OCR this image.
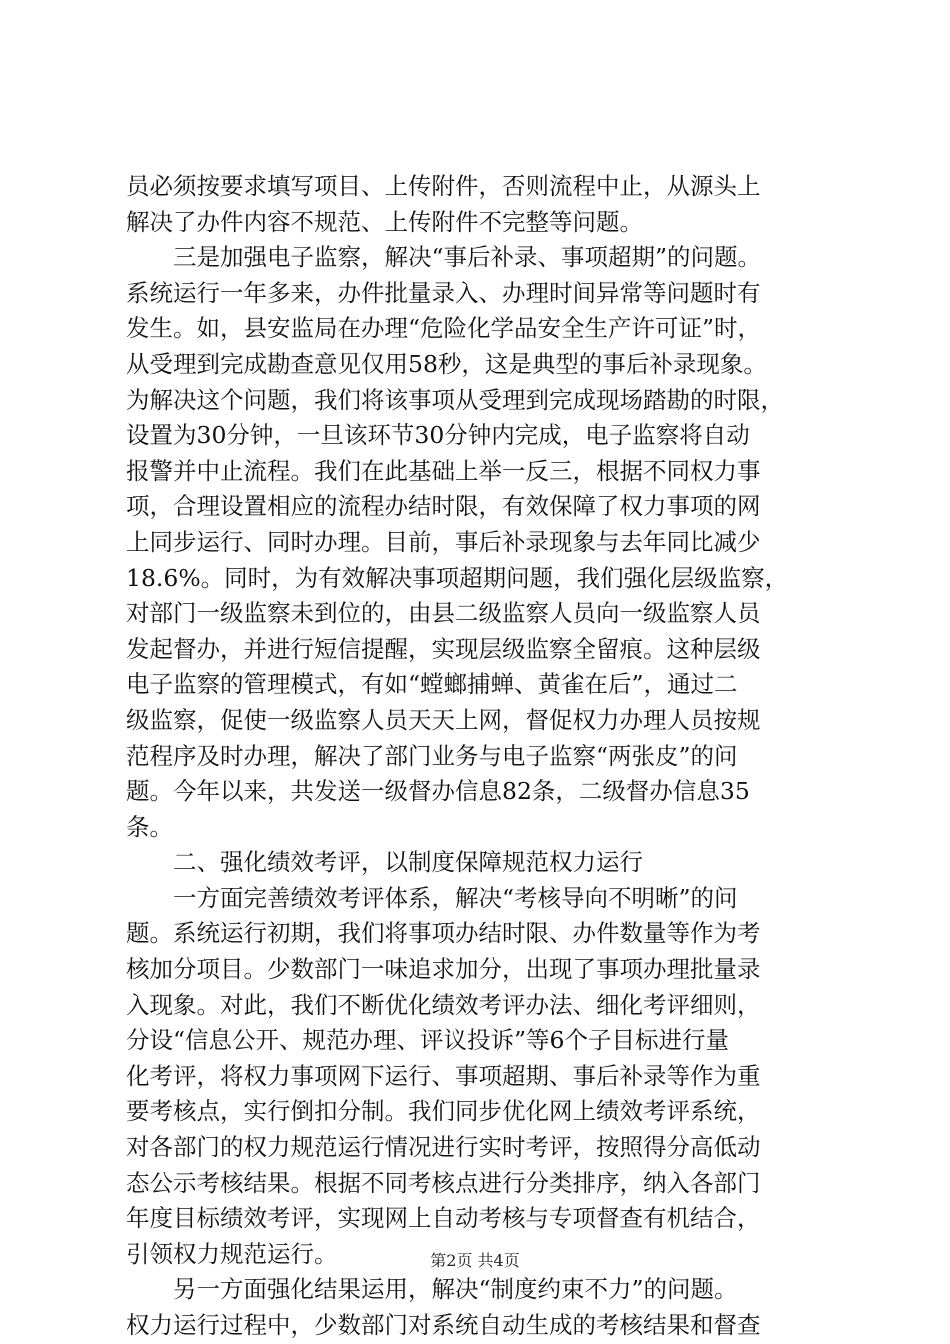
员必须按要求填写项目、上传附件，否则流程中止，从源头上
解决了办件内容不规范、上传附件不完整等问题。
　　三是加强电子监察，解决“事后补录、事项超期”的问题。
系统运行一年多来，办件批量录入、办理时间异常等问题时有
发生。如，县安监局在办理“危险化学品安全生产许可证”时，
从受理到完成勘查意见仅用58秒，这是典型的事后补录现象。
为解决这个问题，我们将该事项从受理到完成现场踏勘的时限，
设置为30分钟，一旦该环节30分钟内完成，电子监察将自动
报警并中止流程。我们在此基础上举一反三，根据不同权力事
项，合理设置相应的流程办结时限，有效保障了权力事项的网
上同步运行、同时办理。目前，事后补录现象与去年同比减少
18.6%。同时，为有效解决事项超期问题，我们强化层级监察，
对部门一级监察未到位的，由县二级监察人员向一级监察人员
发起督办，并进行短信提醒，实现层级监察全留痕。这种层级
电子监察的管理模式，有如“螳螂捕蝉、黄雀在后”，通过二
级监察，促使一级监察人员天天上网，督促权力办理人员按规
范程序及时办理，解决了部门业务与电子监察“两张皮”的问
题。今年以来，共发送一级督办信息82条，二级督办信息35
条。
　　二、强化绩效考评，以制度保障规范权力运行
　　一方面完善绩效考评体系，解决“考核导向不明晰”的问
题。系统运行初期，我们将事项办结时限、办件数量等作为考
核加分项目。少数部门一味追求加分，出现了事项办理批量录
入现象。对此，我们不断优化绩效考评办法、细化考评细则，
分设“信息公开、规范办理、评议投诉”等6个子目标进行量
化考评，将权力事项网下运行、事项超期、事后补录等作为重
要考核点，实行倒扣分制。我们同步优化网上绩效考评系统，
对各部门的权力规范运行情况进行实时考评，按照得分高低动
态公示考核结果。根据不同考核点进行分类排序，纳入各部门
年度目标绩效考评，实现网上自动考核与专项督查有机结合，
引领权力规范运行。
　　另一方面强化结果运用，解决“制度约束不力”的问题。
权力运行过程中，少数部门对系统自动生成的考核结果和督查
第2页 共4页
